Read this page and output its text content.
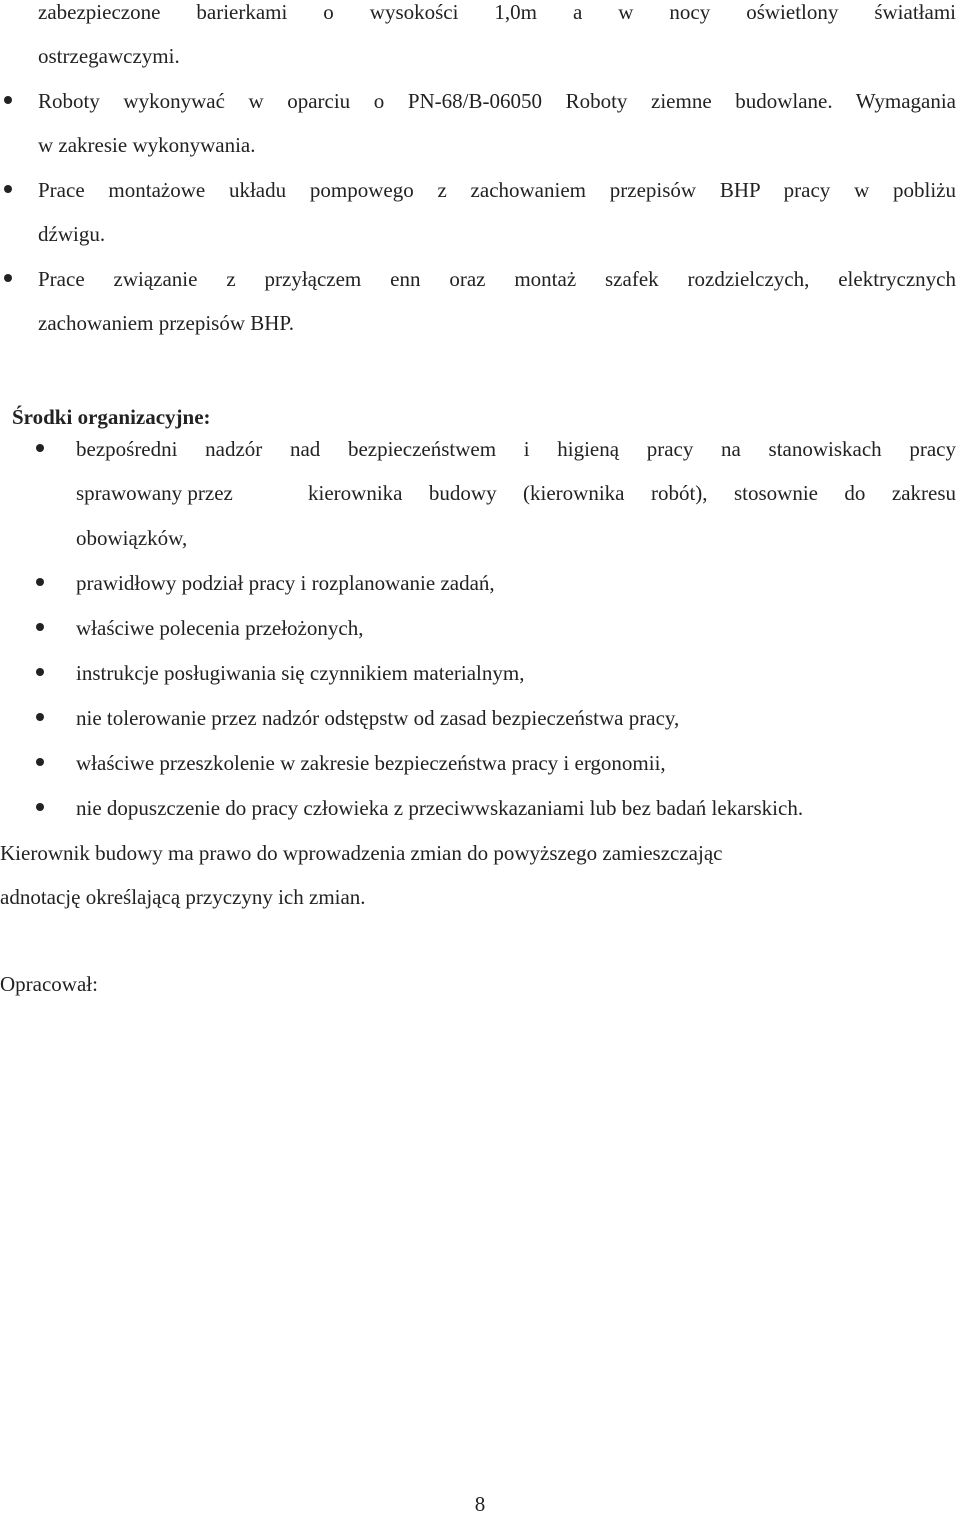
zabezpieczone barierkami o wysokości 1,0m a w nocy oświetlony światłami
ostrzegawczymi.
Roboty wykonywać w oparciu o PN-68/B-06050 Roboty ziemne budowlane. Wymagania
w zakresie wykonywania.
Prace montażowe układu pompowego z zachowaniem przepisów BHP pracy w pobliżu
dźwigu.
Prace związanie z przyłączem enn oraz montaż szafek rozdzielczych, elektrycznych
zachowaniem przepisów BHP.
Środki organizacyjne:
bezpośredni nadzór nad bezpieczeństwem i higieną pracy na stanowiskach pracy
sprawowany przez	kierownika budowy (kierownika robót), stosownie do zakresu
obowiązków,
prawidłowy podział pracy i rozplanowanie zadań,
właściwe polecenia przełożonych,
instrukcje posługiwania się czynnikiem materialnym,
nie tolerowanie przez nadzór odstępstw od zasad bezpieczeństwa pracy,
właściwe przeszkolenie w zakresie bezpieczeństwa pracy i ergonomii,
nie dopuszczenie do pracy człowieka z przeciwwskazaniami lub bez badań lekarskich.
Kierownik budowy ma prawo do wprowadzenia zmian do powyższego zamieszczając
adnotację określającą przyczyny ich zmian.
Opracował:
8
